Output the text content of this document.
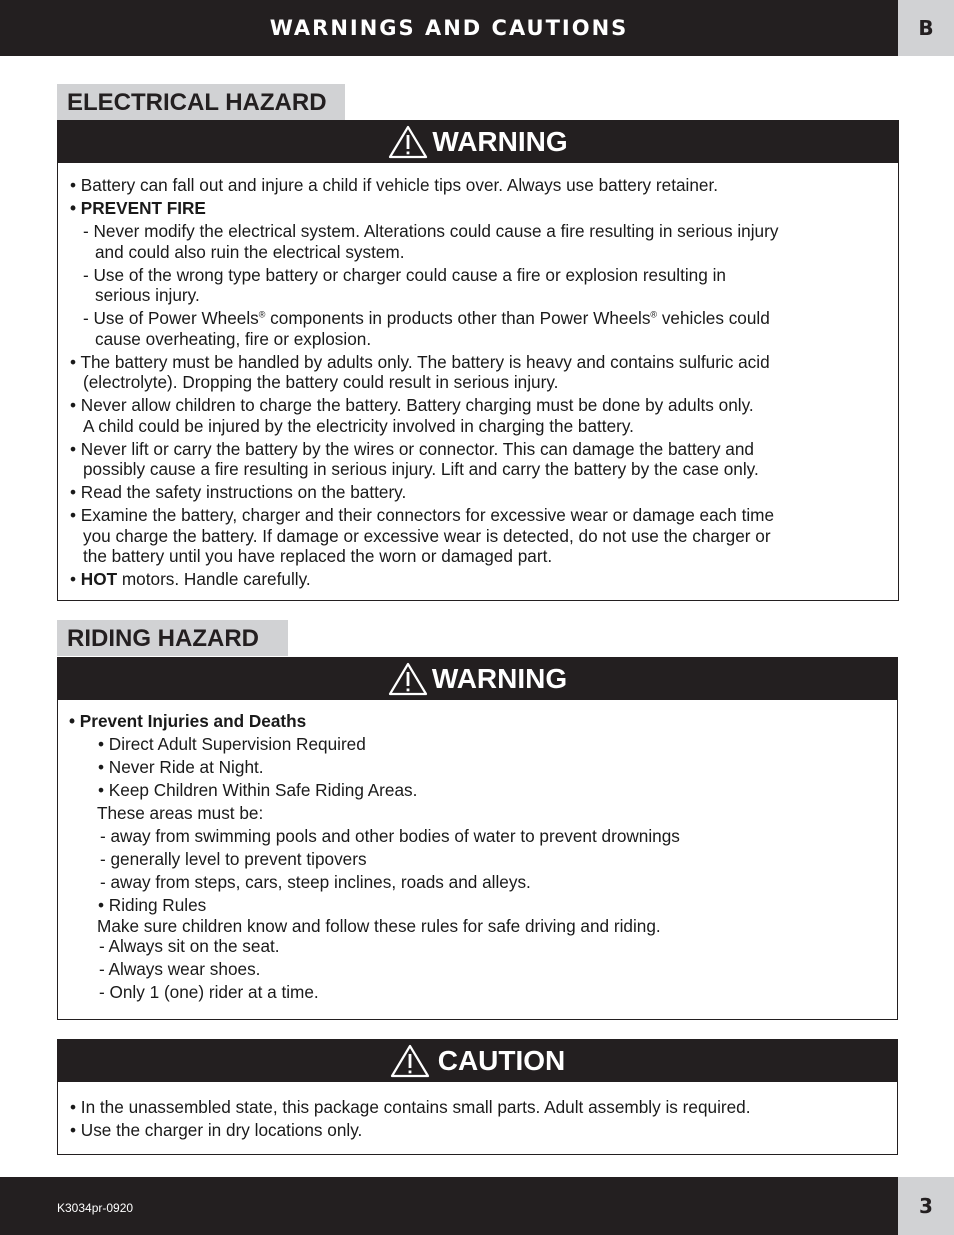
WARNINGS AND CAUTIONS	B
ELECTRICAL HAZARD
WARNING
• Battery can fall out and injure a child if vehicle tips over. Always use battery retainer.
• PREVENT FIRE
- Never modify the electrical system. Alterations could cause a fire resulting in serious injury
and could also ruin the electrical system.
- Use of the wrong type battery or charger could cause a fire or explosion resulting in
serious injury.
- Use of Power Wheels® components in products other than Power Wheels® vehicles could
cause overheating, fire or explosion.
• The battery must be handled by adults only. The battery is heavy and contains sulfuric acid
(electrolyte). Dropping the battery could result in serious injury.
• Never allow children to charge the battery. Battery charging must be done by adults only.
A child could be injured by the electricity involved in charging the battery.
• Never lift or carry the battery by the wires or connector. This can damage the battery and
possibly cause a fire resulting in serious injury. Lift and carry the battery by the case only.
• Read the safety instructions on the battery.
• Examine the battery, charger and their connectors for excessive wear or damage each time
you charge the battery. If damage or excessive wear is detected, do not use the charger or
the battery until you have replaced the worn or damaged part.
• HOT motors. Handle carefully.
RIDING HAZARD
WARNING
• Prevent Injuries and Deaths
• Direct Adult Supervision Required
• Never Ride at Night.
• Keep Children Within Safe Riding Areas.
These areas must be:
- away from swimming pools and other bodies of water to prevent drownings
- generally level to prevent tipovers
- away from steps, cars, steep inclines, roads and alleys.
• Riding Rules
Make sure children know and follow these rules for safe driving and riding.
- Always sit on the seat.
- Always wear shoes.
- Only 1 (one) rider at a time.
CAUTION
• In the unassembled state, this package contains small parts. Adult assembly is required.
• Use the charger in dry locations only.
K3034pr-0920	3
